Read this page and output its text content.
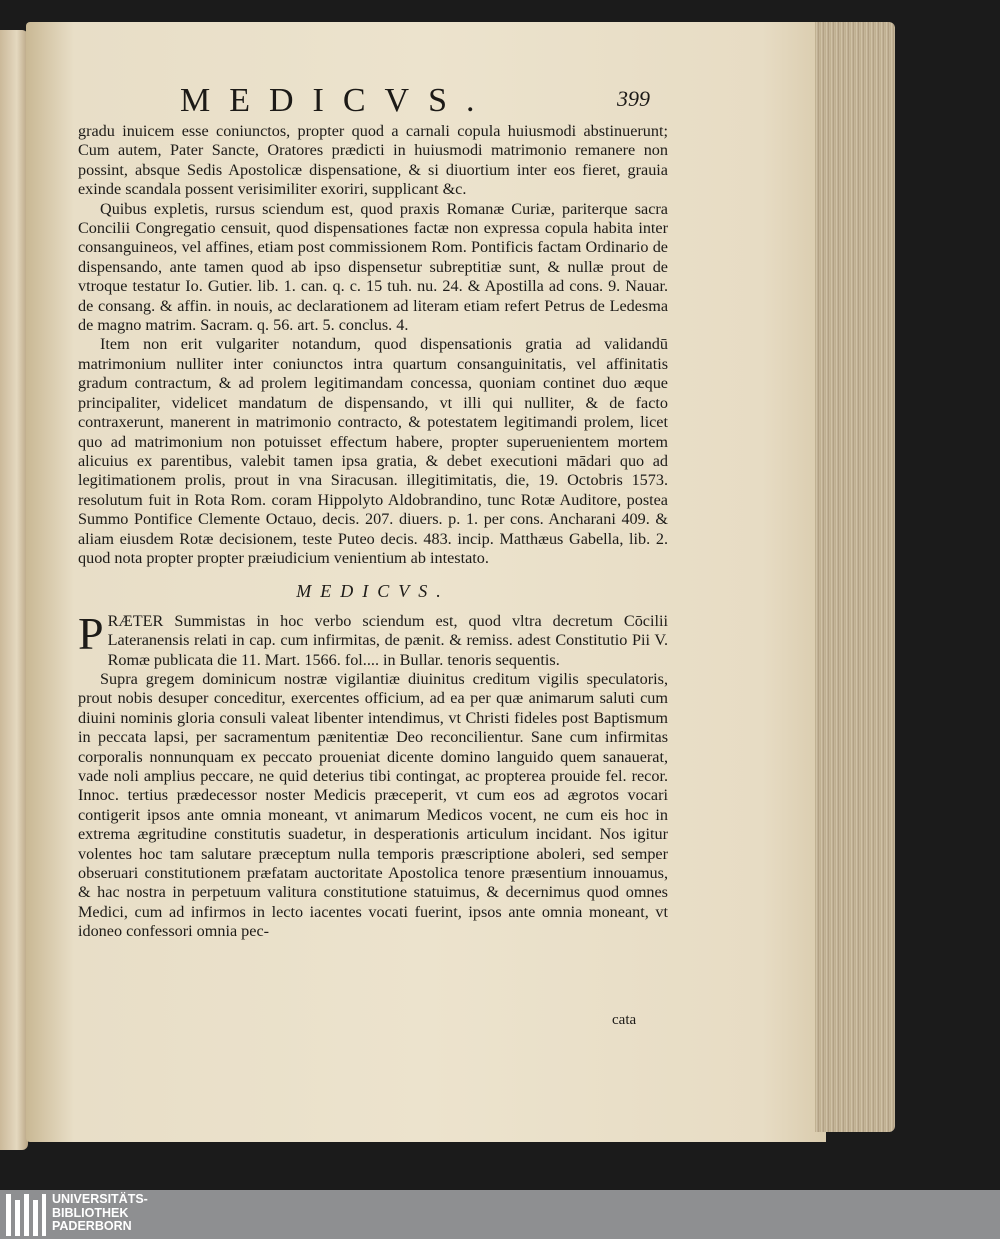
MEDICVS.	399

gradu inuicem esse coniunctos, propter quod a carnali copula huiusmodi abstinuerunt; Cum autem, Pater Sancte, Oratores prædicti in huiusmodi matrimonio remanere non possint, absque Sedis Apostolicæ dispensatione, & si diuortium inter eos fieret, grauia exinde scandala possent verisimiliter exoriri, supplicant &c.

Quibus expletis, rursus sciendum est, quod praxis Romanæ Curiæ, pariterque sacra Concilii Congregatio censuit, quod dispensationes factæ non expressa copula habita inter consanguineos, vel affines, etiam post commissionem Rom. Pontificis factam Ordinario de dispensando, ante tamen quod ab ipso dispensetur subreptitiæ sunt, & nullæ prout de vtroque testatur Io. Gutier. lib. 1. can. q. c. 15 tuh. nu. 24. & Apostilla ad cons. 9. Nauar. de consang. & affin. in nouis, ac declarationem ad literam etiam refert Petrus de Ledesma de magno matrim. Sacram. q. 56. art. 5. conclus. 4.

Item non erit vulgariter notandum, quod dispensationis gratia ad validandū matrimonium nulliter inter coniunctos intra quartum consanguinitatis, vel affinitatis gradum contractum, & ad prolem legitimandam concessa, quoniam continet duo æque principaliter, videlicet mandatum de dispensando, vt illi qui nulliter, & de facto contraxerunt, manerent in matrimonio contracto, & potestatem legitimandi prolem, licet quo ad matrimonium non potuisset effectum habere, propter superuenientem mortem alicuius ex parentibus, valebit tamen ipsa gratia, & debet executioni mādari quo ad legitimationem prolis, prout in vna Siracusan. illegitimitatis, die, 19. Octobris 1573. resolutum fuit in Rota Rom. coram Hippolyto Aldobrandino, tunc Rotæ Auditore, postea Summo Pontifice Clemente Octauo, decis. 207. diuers. p. 1. per cons. Ancharani 409. & aliam eiusdem Rotæ decisionem, teste Puteo decis. 483. incip. Matthæus Gabella, lib. 2. quod nota propter propter præiudicium venientium ab intestato.

MEDICVS.

PRÆTER Summistas in hoc verbo sciendum est, quod vltra decretum Cōcilii Lateranensis relati in cap. cum infirmitas, de pænit. & remiss. adest Constitutio Pii V. Romæ publicata die 11. Mart. 1566. fol.... in Bullar. tenoris sequentis.

Supra gregem dominicum nostræ vigilantiæ diuinitus creditum vigilis speculatoris, prout nobis desuper conceditur, exercentes officium, ad ea per quæ animarum saluti cum diuini nominis gloria consuli valeat libenter intendimus, vt Christi fideles post Baptismum in peccata lapsi, per sacramentum pænitentiæ Deo reconcilientur. Sane cum infirmitas corporalis nonnunquam ex peccato proueniat dicente domino languido quem sanauerat, vade noli amplius peccare, ne quid deterius tibi contingat, ac propterea prouide fel. recor. Innoc. tertius prædecessor noster Medicis præceperit, vt cum eos ad ægrotos vocari contigerit ipsos ante omnia moneant, vt animarum Medicos vocent, ne cum eis hoc in extrema ægritudine constitutis suadetur, in desperationis articulum incidant. Nos igitur volentes hoc tam salutare præceptum nulla temporis præscriptione aboleri, sed semper obseruari constitutionem præfatam auctoritate Apostolica tenore præsentium innouamus, & hac nostra in perpetuum valitura constitutione statuimus, & decernimus quod omnes Medici, cum ad infirmos in lecto iacentes vocati fuerint, ipsos ante omnia moneant, vt idoneo confessori omnia pec-

cata
UNIVERSITÄTS-
BIBLIOTHEK
PADERBORN
